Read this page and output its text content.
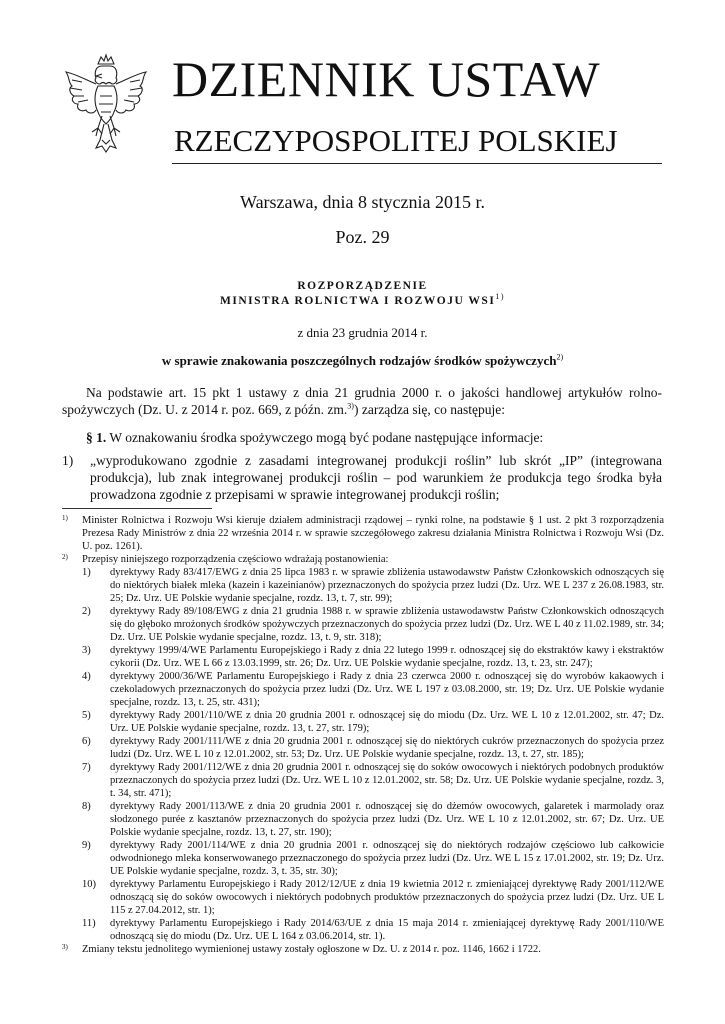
DZIENNIK USTAW
RZECZYPOSPOLITEJ POLSKIEJ
Warszawa, dnia 8 stycznia 2015 r.
Poz. 29
ROZPORZĄDZENIE
MINISTRA ROLNICTWA I ROZWOJU WSI$^{1)}$
z dnia 23 grudnia 2014 r.
w sprawie znakowania poszczególnych rodzajów środków spożywczych$^{2)}$
Na podstawie art. 15 pkt 1 ustawy z dnia 21 grudnia 2000 r. o jakości handlowej artykułów rolno-spożywczych (Dz. U. z 2014 r. poz. 669, z późn. zm.$^{3)}$) zarządza się, co następuje:
§ 1. W oznakowaniu środka spożywczego mogą być podane następujące informacje:
1) „wyprodukowano zgodnie z zasadami integrowanej produkcji roślin” lub skrót „IP” (integrowana produkcja), lub znak integrowanej produkcji roślin – pod warunkiem że produkcja tego środka była prowadzona zgodnie z przepisami w sprawie integrowanej produkcji roślin;
1) Minister Rolnictwa i Rozwoju Wsi kieruje działem administracji rządowej – rynki rolne, na podstawie § 1 ust. 2 pkt 3 rozporządzenia Prezesa Rady Ministrów z dnia 22 września 2014 r. w sprawie szczegółowego zakresu działania Ministra Rolnictwa i Rozwoju Wsi (Dz. U. poz. 1261).
2) Przepisy niniejszego rozporządzenia częściowo wdrażają postanowienia:
1) dyrektywy Rady 83/417/EWG z dnia 25 lipca 1983 r. w sprawie zbliżenia ustawodawstw Państw Członkowskich odnoszących się do niektórych białek mleka (kazein i kazeinianów) przeznaczonych do spożycia przez ludzi (Dz. Urz. WE L 237 z 26.08.1983, str. 25; Dz. Urz. UE Polskie wydanie specjalne, rozdz. 13, t. 7, str. 99);
2) dyrektywy Rady 89/108/EWG z dnia 21 grudnia 1988 r. w sprawie zbliżenia ustawodawstw Państw Członkowskich odnoszących się do głęboko mrożonych środków spożywczych przeznaczonych do spożycia przez ludzi (Dz. Urz. WE L 40 z 11.02.1989, str. 34; Dz. Urz. UE Polskie wydanie specjalne, rozdz. 13, t. 9, str. 318);
3) dyrektywy 1999/4/WE Parlamentu Europejskiego i Rady z dnia 22 lutego 1999 r. odnoszącej się do ekstraktów kawy i ekstraktów cykorii (Dz. Urz. WE L 66 z 13.03.1999, str. 26; Dz. Urz. UE Polskie wydanie specjalne, rozdz. 13, t. 23, str. 247);
4) dyrektywy 2000/36/WE Parlamentu Europejskiego i Rady z dnia 23 czerwca 2000 r. odnoszącej się do wyrobów kakaowych i czekoladowych przeznaczonych do spożycia przez ludzi (Dz. Urz. WE L 197 z 03.08.2000, str. 19; Dz. Urz. UE Polskie wydanie specjalne, rozdz. 13, t. 25, str. 431);
5) dyrektywy Rady 2001/110/WE z dnia 20 grudnia 2001 r. odnoszącej się do miodu (Dz. Urz. WE L 10 z 12.01.2002, str. 47; Dz. Urz. UE Polskie wydanie specjalne, rozdz. 13, t. 27, str. 179);
6) dyrektywy Rady 2001/111/WE z dnia 20 grudnia 2001 r. odnoszącej się do niektórych cukrów przeznaczonych do spożycia przez ludzi (Dz. Urz. WE L 10 z 12.01.2002, str. 53; Dz. Urz. UE Polskie wydanie specjalne, rozdz. 13, t. 27, str. 185);
7) dyrektywy Rady 2001/112/WE z dnia 20 grudnia 2001 r. odnoszącej się do soków owocowych i niektórych podobnych produktów przeznaczonych do spożycia przez ludzi (Dz. Urz. WE L 10 z 12.01.2002, str. 58; Dz. Urz. UE Polskie wydanie specjalne, rozdz. 3, t. 34, str. 471);
8) dyrektywy Rady 2001/113/WE z dnia 20 grudnia 2001 r. odnoszącej się do dżemów owocowych, galaretek i marmolady oraz słodzonego purée z kasztanów przeznaczonych do spożycia przez ludzi (Dz. Urz. WE L 10 z 12.01.2002, str. 67; Dz. Urz. UE Polskie wydanie specjalne, rozdz. 13, t. 27, str. 190);
9) dyrektywy Rady 2001/114/WE z dnia 20 grudnia 2001 r. odnoszącej się do niektórych rodzajów częściowo lub całkowicie odwodnionego mleka konserwowanego przeznaczonego do spożycia przez ludzi (Dz. Urz. WE L 15 z 17.01.2002, str. 19; Dz. Urz. UE Polskie wydanie specjalne, rozdz. 3, t. 35, str. 30);
10) dyrektywy Parlamentu Europejskiego i Rady 2012/12/UE z dnia 19 kwietnia 2012 r. zmieniającej dyrektywę Rady 2001/112/WE odnoszącą się do soków owocowych i niektórych podobnych produktów przeznaczonych do spożycia przez ludzi (Dz. Urz. UE L 115 z 27.04.2012, str. 1);
11) dyrektywy Parlamentu Europejskiego i Rady 2014/63/UE z dnia 15 maja 2014 r. zmieniającej dyrektywę Rady 2001/110/WE odnoszącą się do miodu (Dz. Urz. UE L 164 z 03.06.2014, str. 1).
3) Zmiany tekstu jednolitego wymienionej ustawy zostały ogłoszone w Dz. U. z 2014 r. poz. 1146, 1662 i 1722.
